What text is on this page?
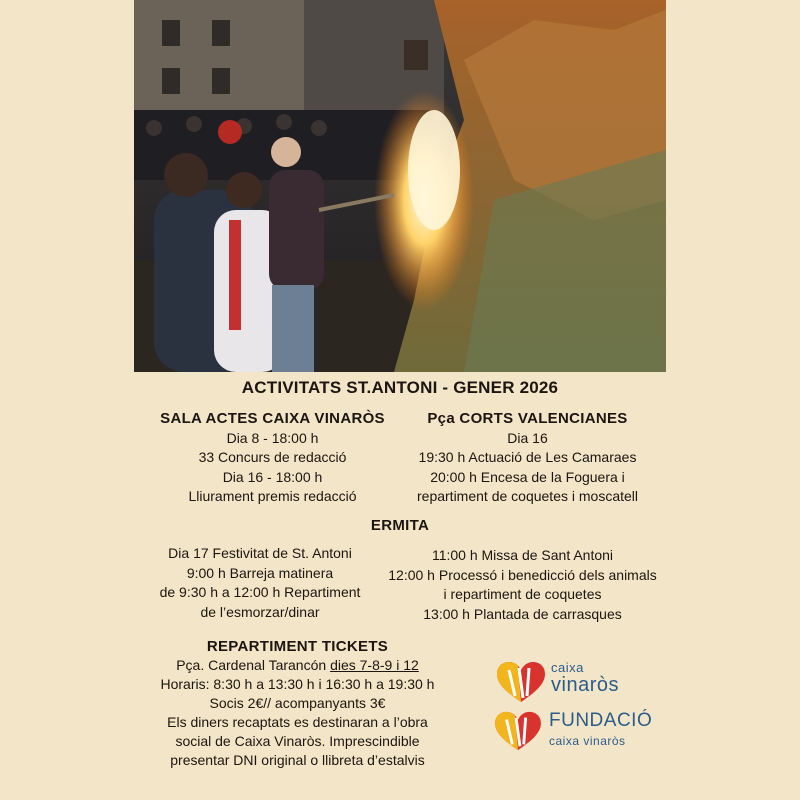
ACTIVITATS ST.ANTONI - GENER 2026
SALA ACTES CAIXA VINARÒS
Dia 8 - 18:00 h
33 Concurs de redacció
Dia 16 - 18:00 h
Lliurament premis redacció
Pça CORTS VALENCIANES
Dia 16
19:30 h Actuació de Les Camaraes
20:00 h Encesa de la Foguera i
repartiment de coquetes i moscatell
ERMITA
Dia 17 Festivitat de St. Antoni
9:00 h Barreja matinera
de 9:30 h a 12:00 h Repartiment
de l’esmorzar/dinar
11:00 h Missa de Sant Antoni
12:00 h Processó i benedicció dels animals
i repartiment de coquetes
13:00 h Plantada de carrasques
REPARTIMENT TICKETS
Pça. Cardenal Tarancón dies 7-8-9 i 12
Horaris: 8:30 h a 13:30 h i 16:30 h a 19:30 h
Socis 2€// acompanyants 3€
Els diners recaptats es destinaran a l’obra
social de Caixa Vinaròs. Imprescindible
presentar DNI original o llibreta d’estalvis
caixa
vinaròs
FUNDACIÓ
caixa vinaròs
